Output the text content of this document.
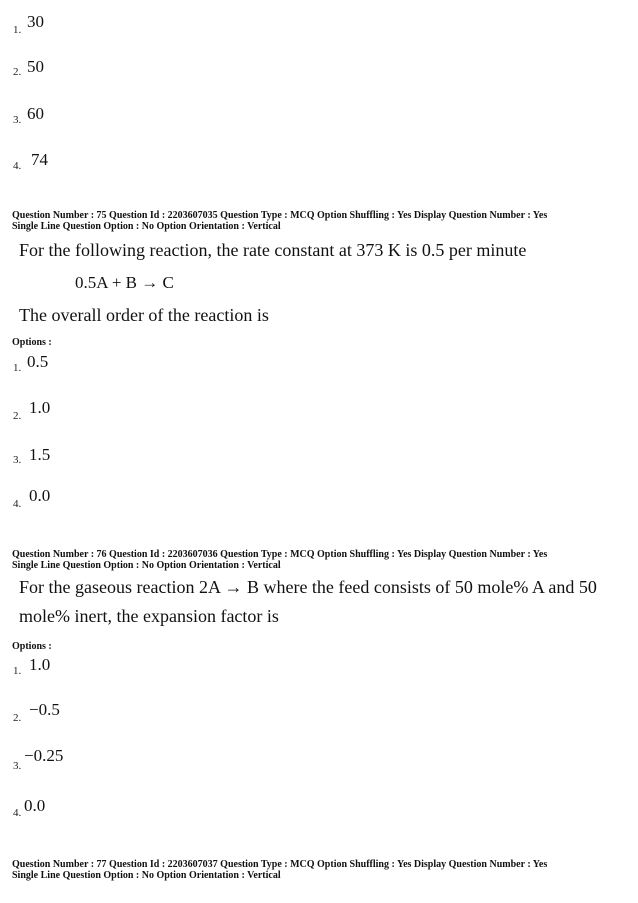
1. 30
2. 50
3. 60
4. 74
Question Number : 75 Question Id : 2203607035 Question Type : MCQ Option Shuffling : Yes Display Question Number : Yes
Single Line Question Option : No Option Orientation : Vertical
For the following reaction, the rate constant at 373 K is 0.5 per minute
0.5A + B → C
The overall order of the reaction is
Options :
1. 0.5
2. 1.0
3. 1.5
4. 0.0
Question Number : 76 Question Id : 2203607036 Question Type : MCQ Option Shuffling : Yes Display Question Number : Yes
Single Line Question Option : No Option Orientation : Vertical
For the gaseous reaction 2A → B where the feed consists of 50 mole% A and 50
mole% inert, the expansion factor is
Options :
1. 1.0
2. −0.5
3.
−0.25
4. 0.0
Question Number : 77 Question Id : 2203607037 Question Type : MCQ Option Shuffling : Yes Display Question Number : Yes
Single Line Question Option : No Option Orientation : Vertical
